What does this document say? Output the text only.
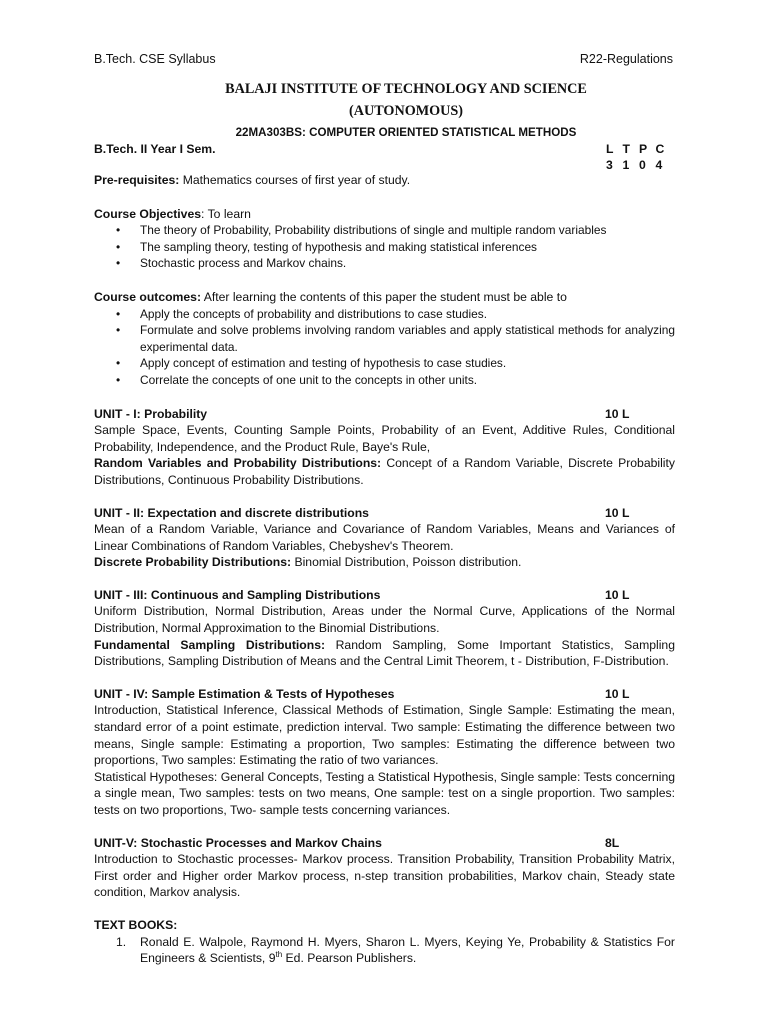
B.Tech. CSE Syllabus	R22-Regulations
BALAJI INSTITUTE OF TECHNOLOGY AND SCIENCE
(AUTONOMOUS)
22MA303BS: COMPUTER ORIENTED STATISTICAL METHODS
B.Tech. II Year I Sem.	L T P C
3 1 0 4

Pre-requisites: Mathematics courses of first year of study.

Course Objectives: To learn

• The theory of Probability, Probability distributions of single and multiple random variables
• The sampling theory, testing of hypothesis and making statistical inferences
• Stochastic process and Markov chains.

Course outcomes: After learning the contents of this paper the student must be able to

• Apply the concepts of probability and distributions to case studies.
• Formulate and solve problems involving random variables and apply statistical methods for analyzing experimental data.
• Apply concept of estimation and testing of hypothesis to case studies.
• Correlate the concepts of one unit to the concepts in other units.
UNIT - I: Probability	10 L

Sample Space, Events, Counting Sample Points, Probability of an Event, Additive Rules, Conditional Probability, Independence, and the Product Rule, Baye's Rule,

Random Variables and Probability Distributions: Concept of a Random Variable, Discrete Probability Distributions, Continuous Probability Distributions.

UNIT - II: Expectation and discrete distributions	10 L

Mean of a Random Variable, Variance and Covariance of Random Variables, Means and Variances of Linear Combinations of Random Variables, Chebyshev's Theorem.

Discrete Probability Distributions: Binomial Distribution, Poisson distribution.

UNIT - III: Continuous and Sampling Distributions	10 L

Uniform Distribution, Normal Distribution, Areas under the Normal Curve, Applications of the Normal Distribution, Normal Approximation to the Binomial Distributions.

Fundamental Sampling Distributions: Random Sampling, Some Important Statistics, Sampling Distributions, Sampling Distribution of Means and the Central Limit Theorem, t - Distribution, F-Distribution.

UNIT - IV: Sample Estimation & Tests of Hypotheses	10 L

Introduction, Statistical Inference, Classical Methods of Estimation, Single Sample: Estimating the mean, standard error of a point estimate, prediction interval. Two sample: Estimating the difference between two means, Single sample: Estimating a proportion, Two samples: Estimating the difference between two proportions, Two samples: Estimating the ratio of two variances.

Statistical Hypotheses: General Concepts, Testing a Statistical Hypothesis, Single sample: Tests concerning a single mean, Two samples: tests on two means, One sample: test on a single proportion. Two samples: tests on two proportions, Two- sample tests concerning variances.

UNIT-V: Stochastic Processes and Markov Chains	8L

Introduction to Stochastic processes- Markov process. Transition Probability, Transition Probability Matrix, First order and Higher order Markov process, n-step transition probabilities, Markov chain, Steady state condition, Markov analysis.

TEXT BOOKS:

1. Ronald E. Walpole, Raymond H. Myers, Sharon L. Myers, Keying Ye, Probability & Statistics For Engineers & Scientists, 9th Ed. Pearson Publishers.
